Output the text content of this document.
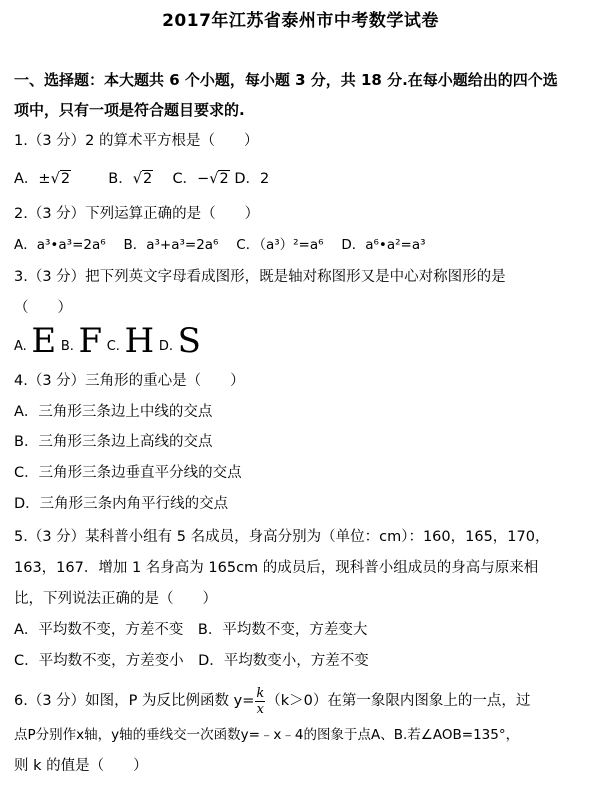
2017年江苏省泰州市中考数学试卷
一、选择题：本大题共 6 个小题，每小题 3 分，共 18 分.在每小题给出的四个选
项中，只有一项是符合题目要求的.
1.（3 分）2 的算术平方根是（　　）
A．±√2	B．√2 C．−√2 D．2
2.（3 分）下列运算正确的是（　　）
A．a³•a³=2a⁶　 B．a³+a³=2a⁶　 C．（a³）²=a⁶　 D．a⁶•a²=a³
3.（3 分）把下列英文字母看成图形，既是轴对称图形又是中心对称图形的是
（　　）
A. E B. F C. H D. S
4.（3 分）三角形的重心是（　　）
A．三角形三条边上中线的交点
B．三角形三条边上高线的交点
C．三角形三条边垂直平分线的交点
D．三角形三条内角平行线的交点
5.（3 分）某科普小组有 5 名成员，身高分别为（单位：cm）：160，165，170，
163，167．增加 1 名身高为 165cm 的成员后，现科普小组成员的身高与原来相
比，下列说法正确的是（　　）
A．平均数不变，方差不变　B．平均数不变，方差变大
C．平均数不变，方差变小　D．平均数变小，方差不变
6.（3 分）如图，P 为反比例函数 $y= \frac{k}{x} (k>0)$在第一象限内图象上的一点，过
点P分别作x轴，y轴的垂线交一次函数y=﹣x﹣4的图象于点A、B.若∠AOB=135°，
则 k 的值是（　　）
